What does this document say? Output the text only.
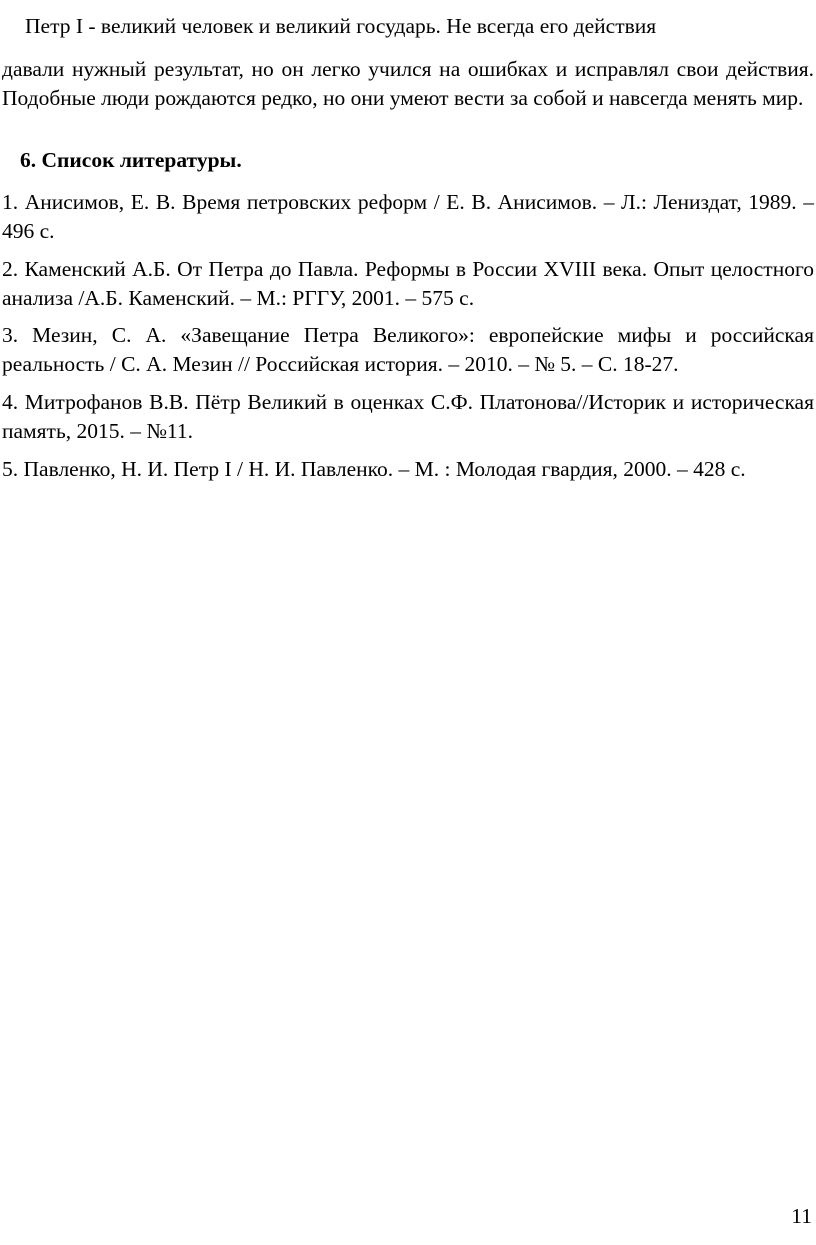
Петр I - великий человек и великий государь. Не всегда его действия
давали нужный результат, но он легко учился на ошибках и исправлял свои действия. Подобные люди рождаются редко, но они умеют вести за собой и навсегда менять мир.
6. Список литературы.
1. Анисимов, Е. В. Время петровских реформ / Е. В. Анисимов. – Л.: Лениздат, 1989. – 496 с.
2. Каменский А.Б. От Петра до Павла. Реформы в России XVIII века. Опыт целостного анализа /А.Б. Каменский. – М.: РГГУ, 2001. – 575 с.
3. Мезин, С. А. «Завещание Петра Великого»: европейские мифы и российская реальность / С. А. Мезин // Российская история. – 2010. – № 5. – С. 18-27.
4. Митрофанов В.В. Пётр Великий в оценках С.Ф. Платонова//Историк и историческая память, 2015. – №11.
5. Павленко, Н. И. Петр I / Н. И. Павленко. – М. : Молодая гвардия, 2000. – 428 с.
11
